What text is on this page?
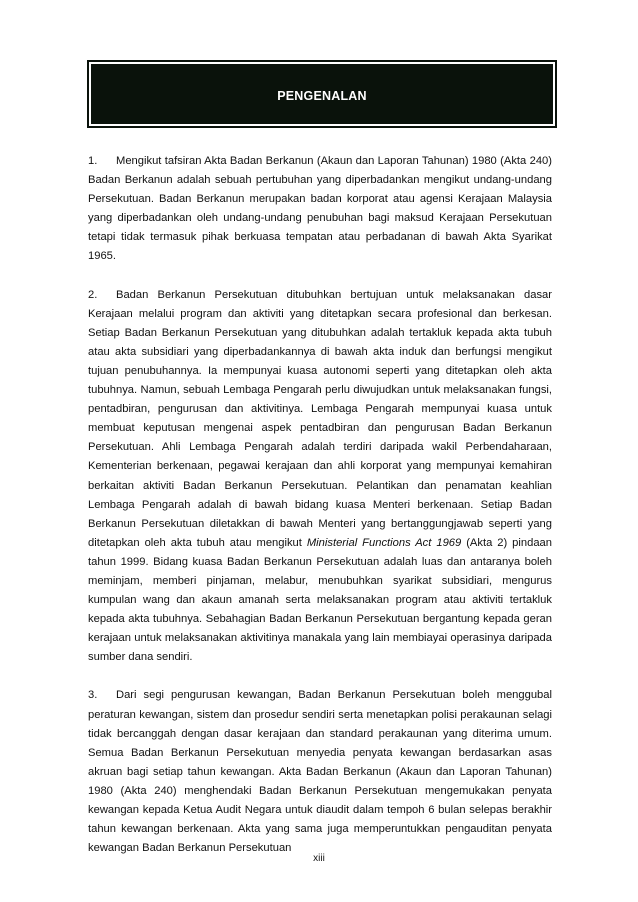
PENGENALAN

1. Mengikut tafsiran Akta Badan Berkanun (Akaun dan Laporan Tahunan) 1980 (Akta 240) Badan Berkanun adalah sebuah pertubuhan yang diperbadankan mengikut undang-undang Persekutuan. Badan Berkanun merupakan badan korporat atau agensi Kerajaan Malaysia yang diperbadankan oleh undang-undang penubuhan bagi maksud Kerajaan Persekutuan tetapi tidak termasuk pihak berkuasa tempatan atau perbadanan di bawah Akta Syarikat 1965.

2. Badan Berkanun Persekutuan ditubuhkan bertujuan untuk melaksanakan dasar Kerajaan melalui program dan aktiviti yang ditetapkan secara profesional dan berkesan. Setiap Badan Berkanun Persekutuan yang ditubuhkan adalah tertakluk kepada akta tubuh atau akta subsidiari yang diperbadankannya di bawah akta induk dan berfungsi mengikut tujuan penubuhannya. Ia mempunyai kuasa autonomi seperti yang ditetapkan oleh akta tubuhnya. Namun, sebuah Lembaga Pengarah perlu diwujudkan untuk melaksanakan fungsi, pentadbiran, pengurusan dan aktivitinya. Lembaga Pengarah mempunyai kuasa untuk membuat keputusan mengenai aspek pentadbiran dan pengurusan Badan Berkanun Persekutuan. Ahli Lembaga Pengarah adalah terdiri daripada wakil Perbendaharaan, Kementerian berkenaan, pegawai kerajaan dan ahli korporat yang mempunyai kemahiran berkaitan aktiviti Badan Berkanun Persekutuan. Pelantikan dan penamatan keahlian Lembaga Pengarah adalah di bawah bidang kuasa Menteri berkenaan. Setiap Badan Berkanun Persekutuan diletakkan di bawah Menteri yang bertanggungjawab seperti yang ditetapkan oleh akta tubuh atau mengikut Ministerial Functions Act 1969 (Akta 2) pindaan tahun 1999. Bidang kuasa Badan Berkanun Persekutuan adalah luas dan antaranya boleh meminjam, memberi pinjaman, melabur, menubuhkan syarikat subsidiari, mengurus kumpulan wang dan akaun amanah serta melaksanakan program atau aktiviti tertakluk kepada akta tubuhnya. Sebahagian Badan Berkanun Persekutuan bergantung kepada geran kerajaan untuk melaksanakan aktivitinya manakala yang lain membiayai operasinya daripada sumber dana sendiri.

3. Dari segi pengurusan kewangan, Badan Berkanun Persekutuan boleh menggubal peraturan kewangan, sistem dan prosedur sendiri serta menetapkan polisi perakaunan selagi tidak bercanggah dengan dasar kerajaan dan standard perakaunan yang diterima umum. Semua Badan Berkanun Persekutuan menyedia penyata kewangan berdasarkan asas akruan bagi setiap tahun kewangan. Akta Badan Berkanun (Akaun dan Laporan Tahunan) 1980 (Akta 240) menghendaki Badan Berkanun Persekutuan mengemukakan penyata kewangan kepada Ketua Audit Negara untuk diaudit dalam tempoh 6 bulan selepas berakhir tahun kewangan berkenaan. Akta yang sama juga memperuntukkan pengauditan penyata kewangan Badan Berkanun Persekutuan

xiii
